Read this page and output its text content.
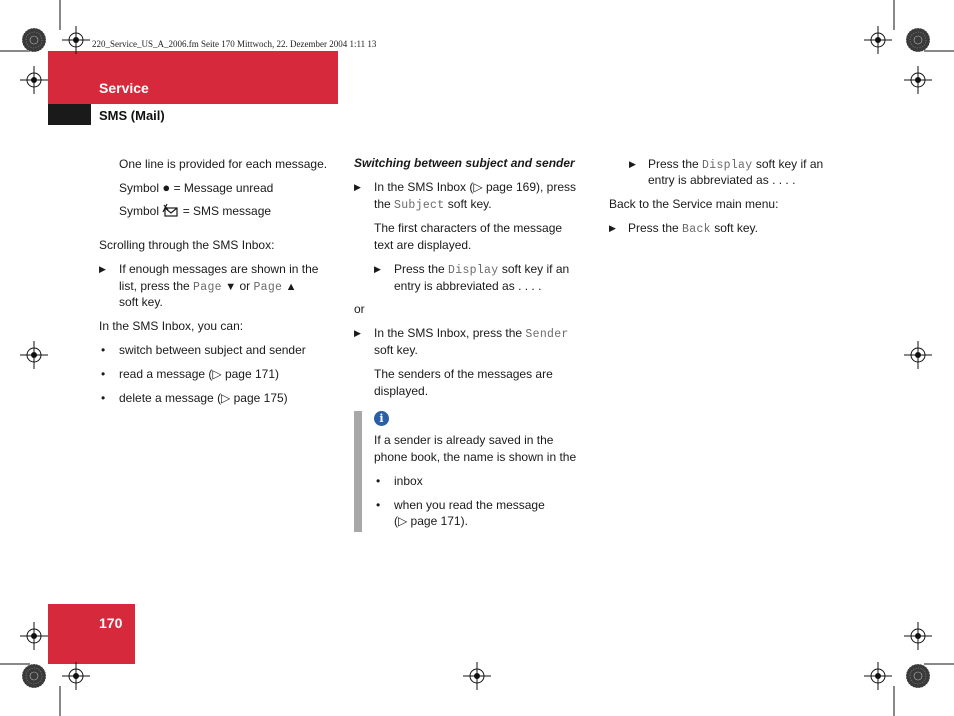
220_Service_US_A_2006.fm Seite 170 Mittwoch, 22. Dezember 2004 1:11 13
Service
SMS (Mail)
170
One line is provided for each message.
Symbol ● = Message unread
Symbol = SMS message
Scrolling through the SMS Inbox:
▶ If enough messages are shown in the
list, press the Page ▼ or Page ▲
soft key.
In the SMS Inbox, you can:
• switch between subject and sender
• read a message (▷ page 171)
• delete a message (▷ page 175)
Switching between subject and sender
▶ In the SMS Inbox (▷ page 169), press
the Subject soft key.
The first characters of the message
text are displayed.
▶ Press the Display soft key if an
entry is abbreviated as . . . .
or
▶ In the SMS Inbox, press the Sender
soft key.
The senders of the messages are
displayed.
i
If a sender is already saved in the
phone book, the name is shown in the
• inbox
• when you read the message
(▷ page 171).
▶ Press the Display soft key if an
entry is abbreviated as . . . .
Back to the Service main menu:
▶ Press the Back soft key.
